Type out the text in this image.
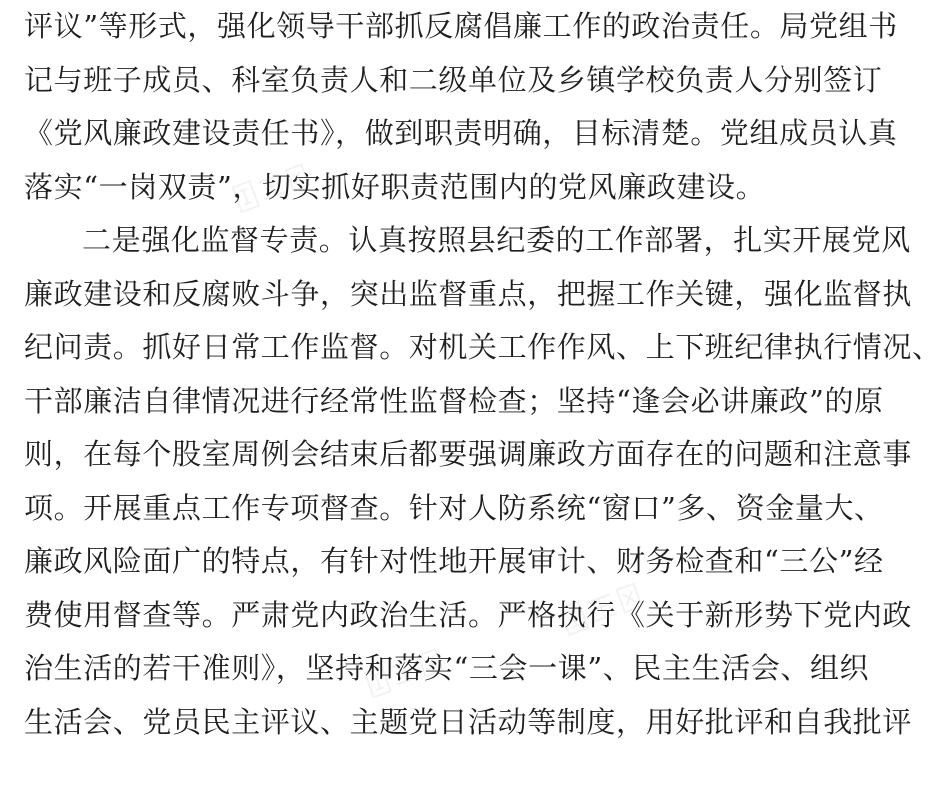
评议”等形式，强化领导干部抓反腐倡廉工作的政治责任。局党组书
记与班子成员、科室负责人和二级单位及乡镇学校负责人分别签订
《党风廉政建设责任书》，做到职责明确，目标清楚。党组成员认真
落实“一岗双责”，切实抓好职责范围内的党风廉政建设。
二是强化监督专责。认真按照县纪委的工作部署，扎实开展党风
廉政建设和反腐败斗争，突出监督重点，把握工作关键，强化监督执
纪问责。抓好日常工作监督。对机关工作作风、上下班纪律执行情况、
干部廉洁自律情况进行经常性监督检查；坚持“逢会必讲廉政”的原
则，在每个股室周例会结束后都要强调廉政方面存在的问题和注意事
项。开展重点工作专项督查。针对人防系统“窗口”多、资金量大、
廉政风险面广的特点，有针对性地开展审计、财务检查和“三公”经
费使用督查等。严肃党内政治生活。严格执行《关于新形势下党内政
治生活的若干准则》，坚持和落实“三会一课”、民主生活会、组织
生活会、党员民主评议、主题党日活动等制度，用好批评和自我批评
